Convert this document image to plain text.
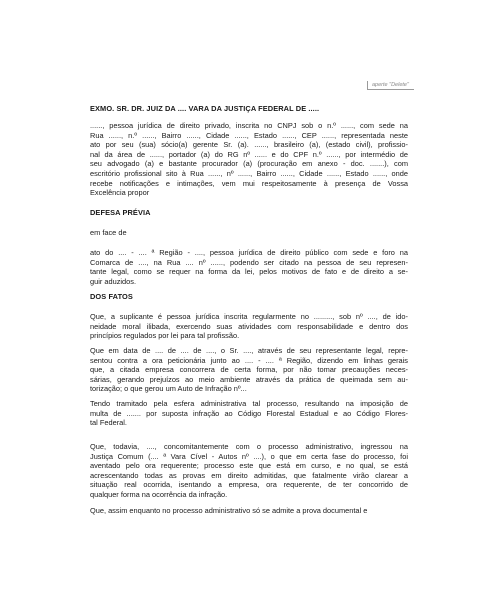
aperte "Delete"
EXMO. SR. DR. JUIZ DA .... VARA DA JUSTIÇA FEDERAL DE .....
......, pessoa jurídica de direito privado, inscrita no CNPJ sob o n.º ......, com sede na
Rua ......, n.º ......, Bairro ......, Cidade ......, Estado ......, CEP ......, representada neste
ato por seu (sua) sócio(a) gerente Sr. (a). ......, brasileiro (a), (estado civil), profissio-
nal da área de ......, portador (a) do RG nº ...... e do CPF n.º ......, por intermédio de
seu advogado (a) e bastante procurador (a) (procuração em anexo - doc. .......), com
escritório profissional sito à Rua ......, nº ......, Bairro ......, Cidade ......, Estado ......, onde
recebe notificações e intimações, vem mui respeitosamente à presença de Vossa
Excelência propor
DEFESA PRÉVIA
em face de
ato do .... - .... ª Região - ...., pessoa jurídica de direito público com sede e foro na
Comarca de ...., na Rua .... nº ......, podendo ser citado na pessoa de seu represen-
tante legal, como se requer na forma da lei, pelos motivos de fato e de direito a se-
guir aduzidos.
DOS FATOS
Que, a suplicante é pessoa jurídica inscrita regularmente no ........., sob nº ...., de ido-
neidade moral ilibada, exercendo suas atividades com responsabilidade e dentro dos
princípios regulados por lei para tal profissão.
Que em data de .... de .... de ...., o Sr. ...., através de seu representante legal, repre-
sentou contra a ora peticionária junto ao .... - .... ª Região, dizendo em linhas gerais
que, a citada empresa concorrera de certa forma, por não tomar precauções neces-
sárias, gerando prejuízos ao meio ambiente através da prática de queimada sem au-
torização; o que gerou um Auto de Infração nº...
Tendo tramitado pela esfera administrativa tal processo, resultando na imposição de
multa de ....... por suposta infração ao Código Florestal Estadual e ao Código Flores-
tal Federal.
Que, todavia, ...., concomitantemente com o processo administrativo, ingressou na
Justiça Comum (.... ª Vara Cível - Autos nº ....), o que em certa fase do processo, foi
aventado pelo ora requerente; processo este que está em curso, e no qual, se está
acrescentando todas as provas em direito admitidas, que fatalmente virão clarear a
situação real ocorrida, isentando a empresa, ora requerente, de ter concorrido de
qualquer forma na ocorrência da infração.
Que, assim enquanto no processo administrativo só se admite a prova documental e
